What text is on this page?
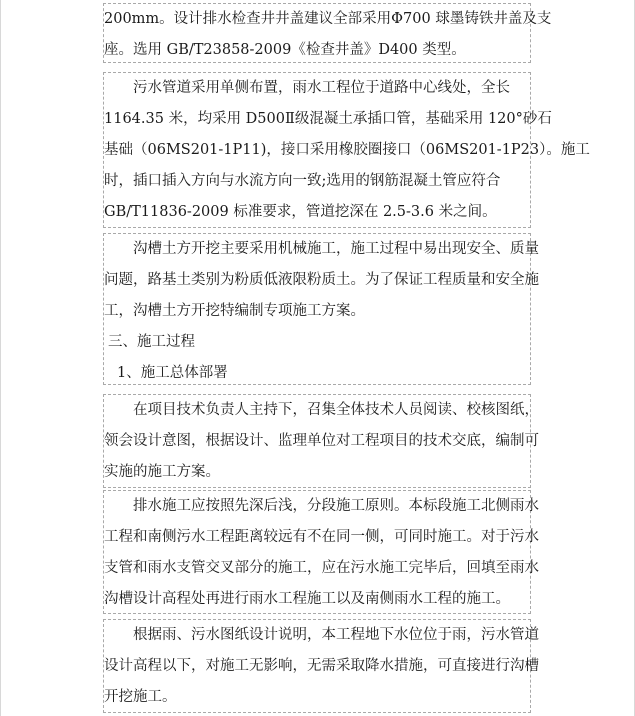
200mm。设计排水检查井井盖建议全部采用Φ700 球墨铸铁井盖及支
座。选用 GB/T23858-2009《检查井盖》D400 类型。

污水管道采用单侧布置，雨水工程位于道路中心线处，全长

1164.35 米，均采用 D500Ⅱ级混凝土承插口管，基础采用 120°砂石
基础（06MS201-1P11)，接口采用橡胶圈接口（06MS201-1P23）。施工
时，插口插入方向与水流方向一致;选用的钢筋混凝土管应符合
GB/T11836-2009 标准要求，管道挖深在 2.5-3.6 米之间。

沟槽土方开挖主要采用机械施工，施工过程中易出现安全、质量

问题，路基土类别为粉质低液限粉质土。为了保证工程质量和安全施
工，沟槽土方开挖特编制专项施工方案。

三、施工过程

1、施工总体部署

在项目技术负责人主持下，召集全体技术人员阅读、校核图纸，

领会设计意图，根据设计、监理单位对工程项目的技术交底，编制可
实施的施工方案。

排水施工应按照先深后浅，分段施工原则。本标段施工北侧雨水

工程和南侧污水工程距离较远有不在同一侧，可同时施工。对于污水
支管和雨水支管交叉部分的施工，应在污水施工完毕后，回填至雨水
沟槽设计高程处再进行雨水工程施工以及南侧雨水工程的施工。

根据雨、污水图纸设计说明，本工程地下水位位于雨，污水管道

设计高程以下，对施工无影响，无需采取降水措施，可直接进行沟槽
开挖施工。
